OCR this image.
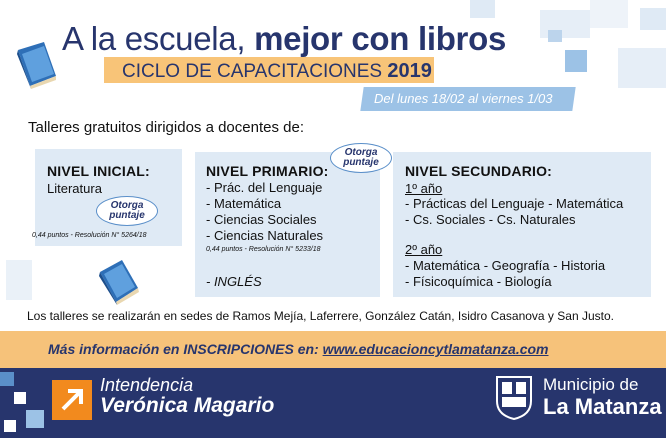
A la escuela, mejor con libros
CICLO DE CAPACITACIONES 2019
Del lunes 18/02 al viernes 1/03
Talleres gratuitos dirigidos a docentes de:
NIVEL INICIAL:
Literatura
Otorga
puntaje
0,44 puntos - Resolución N° 5264/18
NIVEL PRIMARIO:
Otorga
puntaje
- Prác. del Lenguaje
- Matemática
- Ciencias Sociales
- Ciencias Naturales
0,44 puntos - Resolución N° 5233/18
- INGLÉS
NIVEL SECUNDARIO:
1º año
- Prácticas del Lenguaje - Matemática
- Cs. Sociales - Cs. Naturales
2º año
- Matemática - Geografía - Historia
- Físicoquímica - Biología
Los talleres se realizarán en sedes de Ramos Mejía, Laferrere, González Catán, Isidro Casanova y San Justo.
Más información en INSCRIPCIONES en: www.educacioncytlamatanza.com
Intendencia
Verónica Magario
Municipio de
La Matanza
